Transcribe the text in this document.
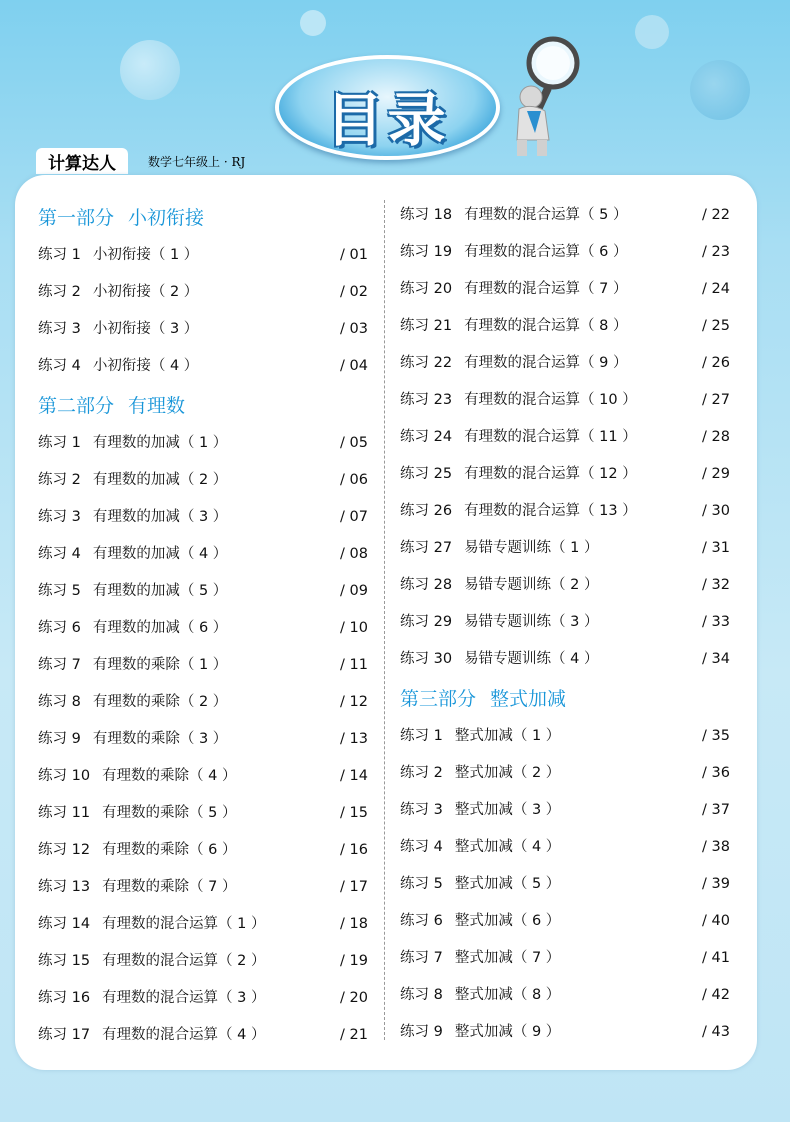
目录
计算达人	数学七年级上 · RJ
第一部分 小初衔接
练习 1 小初衔接（ 1 ）	/ 01
练习 2 小初衔接（ 2 ）	/ 02
练习 3 小初衔接（ 3 ）	/ 03
练习 4 小初衔接（ 4 ）	/ 04
第二部分 有理数
练习 1 有理数的加减（ 1 ）	/ 05
练习 2 有理数的加减（ 2 ）	/ 06
练习 3 有理数的加减（ 3 ）	/ 07
练习 4 有理数的加减（ 4 ）	/ 08
练习 5 有理数的加减（ 5 ）	/ 09
练习 6 有理数的加减（ 6 ）	/ 10
练习 7 有理数的乘除（ 1 ）	/ 11
练习 8 有理数的乘除（ 2 ）	/ 12
练习 9 有理数的乘除（ 3 ）	/ 13
练习 10 有理数的乘除（ 4 ）	/ 14
练习 11 有理数的乘除（ 5 ）	/ 15
练习 12 有理数的乘除（ 6 ）	/ 16
练习 13 有理数的乘除（ 7 ）	/ 17
练习 14 有理数的混合运算（ 1 ）	/ 18
练习 15 有理数的混合运算（ 2 ）	/ 19
练习 16 有理数的混合运算（ 3 ）	/ 20
练习 17 有理数的混合运算（ 4 ）	/ 21
练习 18 有理数的混合运算（ 5 ）	/ 22
练习 19 有理数的混合运算（ 6 ）	/ 23
练习 20 有理数的混合运算（ 7 ）	/ 24
练习 21 有理数的混合运算（ 8 ）	/ 25
练习 22 有理数的混合运算（ 9 ）	/ 26
练习 23 有理数的混合运算（ 10 ）	/ 27
练习 24 有理数的混合运算（ 11 ）	/ 28
练习 25 有理数的混合运算（ 12 ）	/ 29
练习 26 有理数的混合运算（ 13 ）	/ 30
练习 27 易错专题训练（ 1 ）	/ 31
练习 28 易错专题训练（ 2 ）	/ 32
练习 29 易错专题训练（ 3 ）	/ 33
练习 30 易错专题训练（ 4 ）	/ 34
第三部分 整式加减
练习 1 整式加减（ 1 ）	/ 35
练习 2 整式加减（ 2 ）	/ 36
练习 3 整式加减（ 3 ）	/ 37
练习 4 整式加减（ 4 ）	/ 38
练习 5 整式加减（ 5 ）	/ 39
练习 6 整式加减（ 6 ）	/ 40
练习 7 整式加减（ 7 ）	/ 41
练习 8 整式加减（ 8 ）	/ 42
练习 9 整式加减（ 9 ）	/ 43
